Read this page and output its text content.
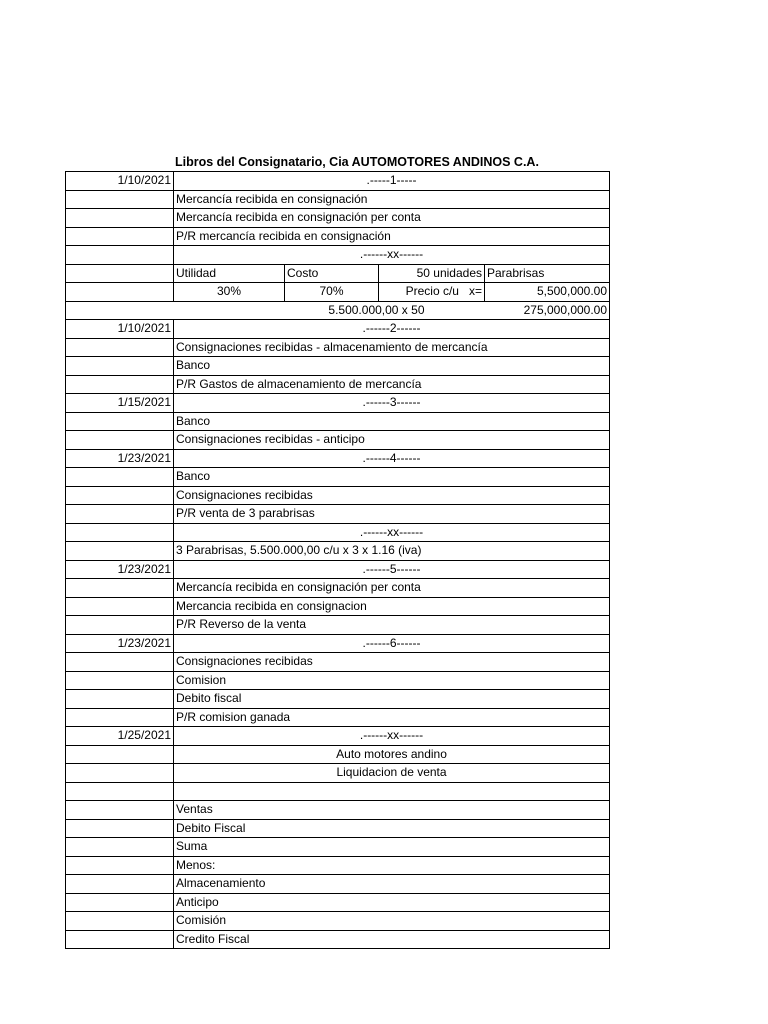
Libros del Consignatario, Cia AUTOMOTORES ANDINOS C.A.
1/10/2021	.-----1-----			
	Mercancía recibida en consignación			
	Mercancía recibida en consignación per conta			
	P/R mercancía recibida en consignación			
	.------xx------			
	Utilidad	Costo	50 unidades	Parabrisas
	30%	70%	Precio c/u x=	5,500,000.00
	5.500.000,00 x 50			275,000,000.00
1/10/2021	.------2------			
	Consignaciones recibidas - almacenamiento de mercancía			
	Banco			
	P/R Gastos de almacenamiento de mercancía			
1/15/2021	.------3------			
	Banco			
	Consignaciones recibidas - anticipo			
1/23/2021	.------4------			
	Banco			
	Consignaciones recibidas			
	P/R venta de 3 parabrisas			
	.------xx------			
	3 Parabrisas, 5.500.000,00 c/u x 3 x 1.16 (iva)			
1/23/2021	.------5------			
	Mercancía recibida en consignación per conta			
	Mercancia recibida en consignacion			
	P/R Reverso de la venta			
1/23/2021	.------6------			
	Consignaciones recibidas			
	Comision			
	Debito fiscal			
	P/R comision ganada			
1/25/2021	.------xx------			
	Auto motores andino			
	Liquidacion de venta			

	Ventas			
	Debito Fiscal			
	Suma			
	Menos:			
	Almacenamiento			
	Anticipo			
	Comisión			
	Credito Fiscal			
